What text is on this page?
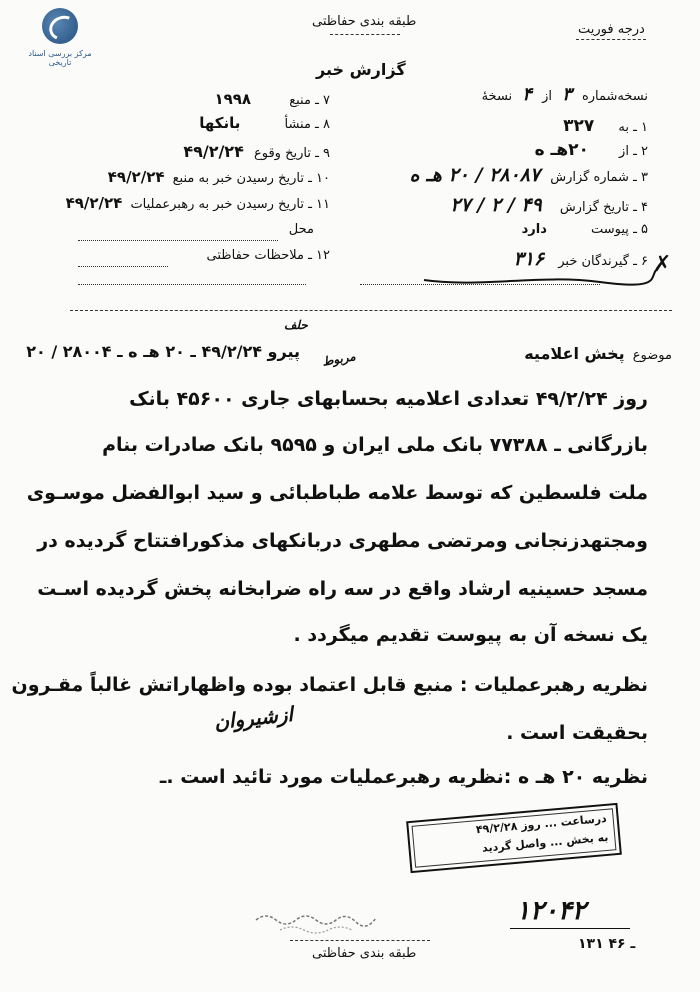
مرکز بررسی اسناد تاریخی
طبقه بندی حفاظتی
درجه فوریت
گزارش خبر
نسخه‌شماره ۳ از ۴ نسخهٔ
۱ ـ به ۳۲۷
۲ ـ از ۲۰هـ ه
۳ ـ شماره گزارش ۲۸۰۸۷ / ۲۰ هـ ه
۴ ـ تاریخ گزارش ۴۹ / ۲ / ۲۷
۵ ـ پیوست دارد
۶ ـ گیرندگان خبر ۳۱۶	✗
۷ ـ منبع ۱۹۹۸
۸ ـ منشأ بانکها
۹ ـ تاریخ وقوع ۴۹/۲/۲۴
۱۰ ـ تاریخ رسیدن خبر به منبع ۴۹/۲/۲۴
۱۱ ـ تاریخ رسیدن خبر به رهبرعملیات ۴۹/۲/۲۴
محل
۱۲ ـ ملاحظات حفاظتی
موضوع پخش اعلامیه
پیرو ۴۹/۲/۲۴ ـ ۲۰ هـ ه ـ ۲۸۰۰۴ / ۲۰
حلف
مربوط
روز ۴۹/۲/۲۴ تعدادی اعلامیه بحسابهای جاری ۴۵۶۰۰ بانک
بازرگانی ـ ۷۷۳۸۸ بانک ملی ایران و ۹۵۹۵ بانک صادرات بنام
ملت فلسطین که توسط علامه طباطبائی و سید ابوالفضل موسـوی
ومجتهدزنجانی ومرتضی مطهری دربانکهای مذکورافتتاح گردیده در
مسجد حسینیه ارشاد واقع در سه راه ضرابخانه پخش گردیده اسـت
یک نسخه آن به پیوست تقدیم میگردد .
نظریه رهبرعملیات : منبع قابل اعتماد بوده واظهاراتش غالباً مقـرون
بحقیقت است .
ازشیروان
نظریه ۲۰ هـ ه :نظریه رهبرعملیات مورد تائید است .ـ
درساعت ... روز ۴۹/۲/۲۸
به بخش ... واصل گردید
۱۲۰۴۲
۱۳۱ ـ ۴۶
طبقه بندی حفاظتی
